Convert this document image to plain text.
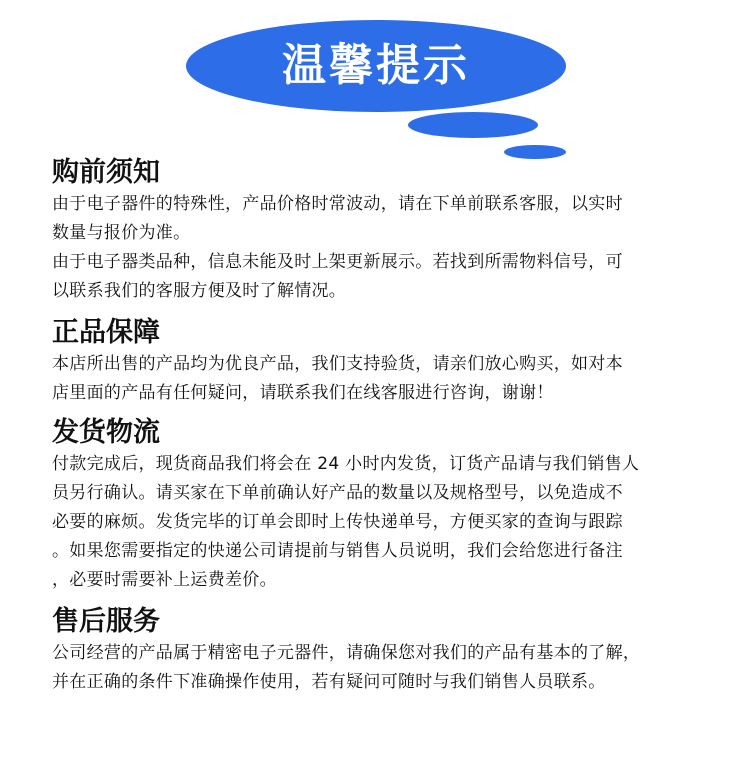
温馨提示
购前须知

由于电子器件的特殊性，产品价格时常波动，请在下单前联系客服，以实时

数量与报价为准。

由于电子器类品种，信息未能及时上架更新展示。若找到所需物料信号，可

以联系我们的客服方便及时了解情况。

正品保障

本店所出售的产品均为优良产品，我们支持验货，请亲们放心购买，如对本

店里面的产品有任何疑问，请联系我们在线客服进行咨询，谢谢！

发货物流

付款完成后，现货商品我们将会在 24 小时内发货，订货产品请与我们销售人

员另行确认。请买家在下单前确认好产品的数量以及规格型号，以免造成不

必要的麻烦。发货完毕的订单会即时上传快递单号，方便买家的查询与跟踪

。如果您需要指定的快递公司请提前与销售人员说明，我们会给您进行备注

，必要时需要补上运费差价。

售后服务

公司经营的产品属于精密电子元器件，请确保您对我们的产品有基本的了解，

并在正确的条件下准确操作使用，若有疑问可随时与我们销售人员联系。
